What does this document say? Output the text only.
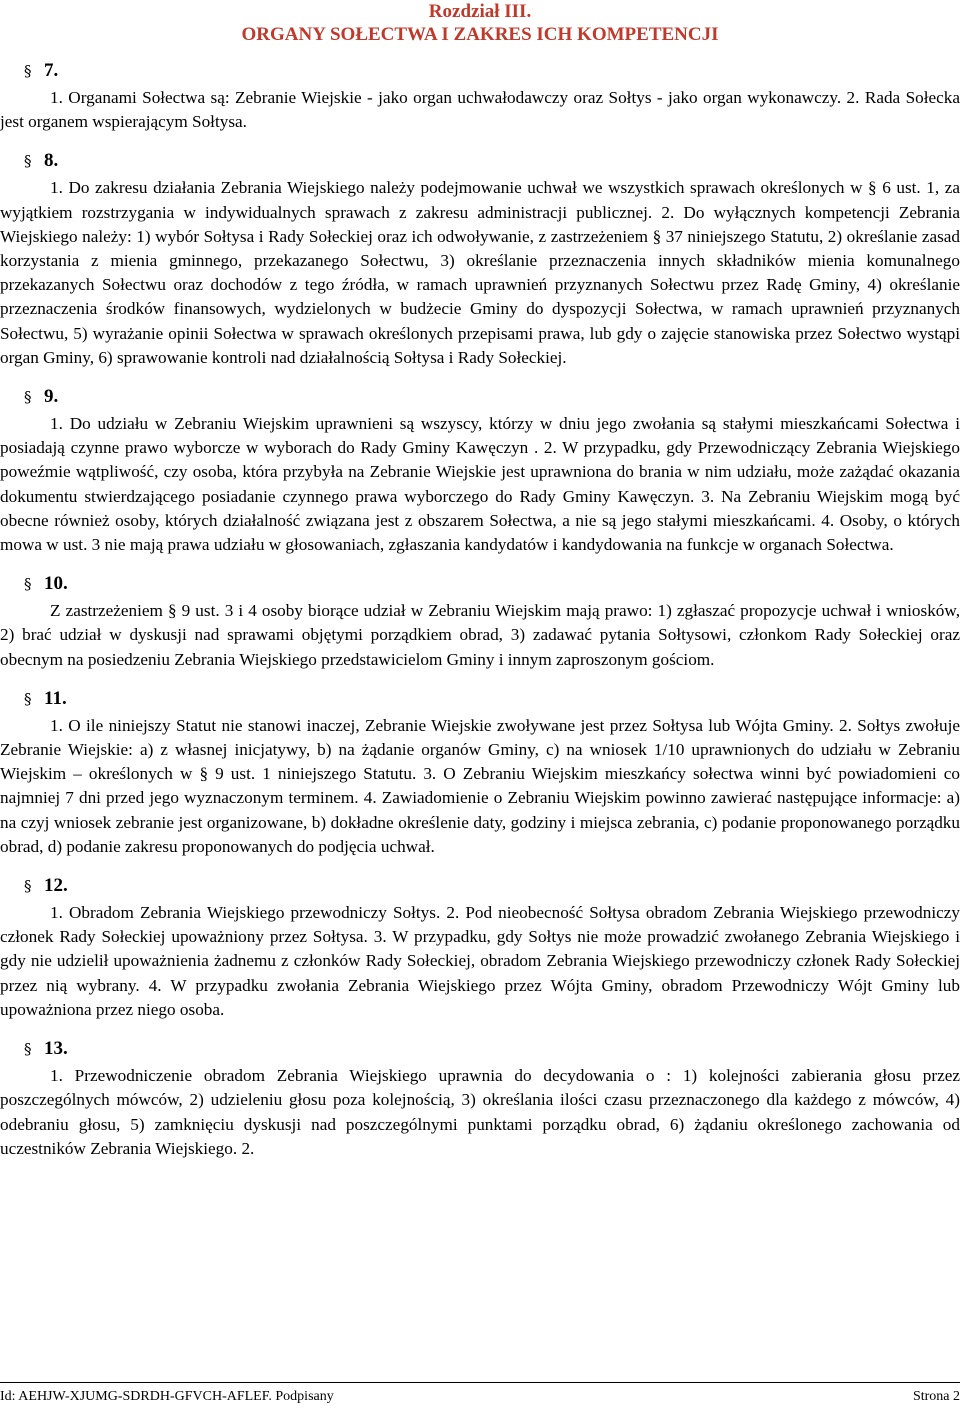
Rozdział III.
ORGANY SOŁECTWA I ZAKRES ICH KOMPETENCJI
§ 7.

1. Organami Sołectwa są: Zebranie Wiejskie - jako organ uchwałodawczy oraz Sołtys - jako organ wykonawczy. 2. Rada Sołecka jest organem wspierającym Sołtysa.

§ 8.

1. Do zakresu działania Zebrania Wiejskiego należy podejmowanie uchwał we wszystkich sprawach określonych w § 6 ust. 1, za wyjątkiem rozstrzygania w indywidualnych sprawach z zakresu administracji publicznej. 2. Do wyłącznych kompetencji Zebrania Wiejskiego należy: 1) wybór Sołtysa i Rady Sołeckiej oraz ich odwoływanie, z zastrzeżeniem § 37 niniejszego Statutu, 2) określanie zasad korzystania z mienia gminnego, przekazanego Sołectwu, 3) określanie przeznaczenia innych składników mienia komunalnego przekazanych Sołectwu oraz dochodów z tego źródła, w ramach uprawnień przyznanych Sołectwu przez Radę Gminy, 4) określanie przeznaczenia środków finansowych, wydzielonych w budżecie Gminy do dyspozycji Sołectwa, w ramach uprawnień przyznanych Sołectwu, 5) wyrażanie opinii Sołectwa w sprawach określonych przepisami prawa, lub gdy o zajęcie stanowiska przez Sołectwo wystąpi organ Gminy, 6) sprawowanie kontroli nad działalnością Sołtysa i Rady Sołeckiej.

§ 9.

1. Do udziału w Zebraniu Wiejskim uprawnieni są wszyscy, którzy w dniu jego zwołania są stałymi mieszkańcami Sołectwa i posiadają czynne prawo wyborcze w wyborach do Rady Gminy Kawęczyn . 2. W przypadku, gdy Przewodniczący Zebrania Wiejskiego poweźmie wątpliwość, czy osoba, która przybyła na Zebranie Wiejskie jest uprawniona do brania w nim udziału, może zażądać okazania dokumentu stwierdzającego posiadanie czynnego prawa wyborczego do Rady Gminy Kawęczyn. 3. Na Zebraniu Wiejskim mogą być obecne również osoby, których działalność związana jest z obszarem Sołectwa, a nie są jego stałymi mieszkańcami. 4. Osoby, o których mowa w ust. 3 nie mają prawa udziału w głosowaniach, zgłaszania kandydatów i kandydowania na funkcje w organach Sołectwa.

§ 10.

Z zastrzeżeniem § 9 ust. 3 i 4 osoby biorące udział w Zebraniu Wiejskim mają prawo: 1) zgłaszać propozycje uchwał i wniosków, 2) brać udział w dyskusji nad sprawami objętymi porządkiem obrad, 3) zadawać pytania Sołtysowi, członkom Rady Sołeckiej oraz obecnym na posiedzeniu Zebrania Wiejskiego przedstawicielom Gminy i innym zaproszonym gościom.

§ 11.

1. O ile niniejszy Statut nie stanowi inaczej, Zebranie Wiejskie zwoływane jest przez Sołtysa lub Wójta Gminy. 2. Sołtys zwołuje Zebranie Wiejskie: a) z własnej inicjatywy, b) na żądanie organów Gminy, c) na wniosek 1/10 uprawnionych do udziału w Zebraniu Wiejskim – określonych w § 9 ust. 1 niniejszego Statutu. 3. O Zebraniu Wiejskim mieszkańcy sołectwa winni być powiadomieni co najmniej 7 dni przed jego wyznaczonym terminem. 4. Zawiadomienie o Zebraniu Wiejskim powinno zawierać następujące informacje: a) na czyj wniosek zebranie jest organizowane, b) dokładne określenie daty, godziny i miejsca zebrania, c) podanie proponowanego porządku obrad, d) podanie zakresu proponowanych do podjęcia uchwał.

§ 12.

1. Obradom Zebrania Wiejskiego przewodniczy Sołtys. 2. Pod nieobecność Sołtysa obradom Zebrania Wiejskiego przewodniczy członek Rady Sołeckiej upoważniony przez Sołtysa. 3. W przypadku, gdy Sołtys nie może prowadzić zwołanego Zebrania Wiejskiego i gdy nie udzielił upoważnienia żadnemu z członków Rady Sołeckiej, obradom Zebrania Wiejskiego przewodniczy członek Rady Sołeckiej przez nią wybrany. 4. W przypadku zwołania Zebrania Wiejskiego przez Wójta Gminy, obradom Przewodniczy Wójt Gminy lub upoważniona przez niego osoba.

§ 13.

1. Przewodniczenie obradom Zebrania Wiejskiego uprawnia do decydowania o : 1) kolejności zabierania głosu przez poszczególnych mówców, 2) udzieleniu głosu poza kolejnością, 3) określania ilości czasu przeznaczonego dla każdego z mówców, 4) odebraniu głosu, 5) zamknięciu dyskusji nad poszczególnymi punktami porządku obrad, 6) żądaniu określonego zachowania od uczestników Zebrania Wiejskiego. 2.

Id: AEHJW-XJUMG-SDRDH-GFVCH-AFLEF. Podpisany	Strona 2
